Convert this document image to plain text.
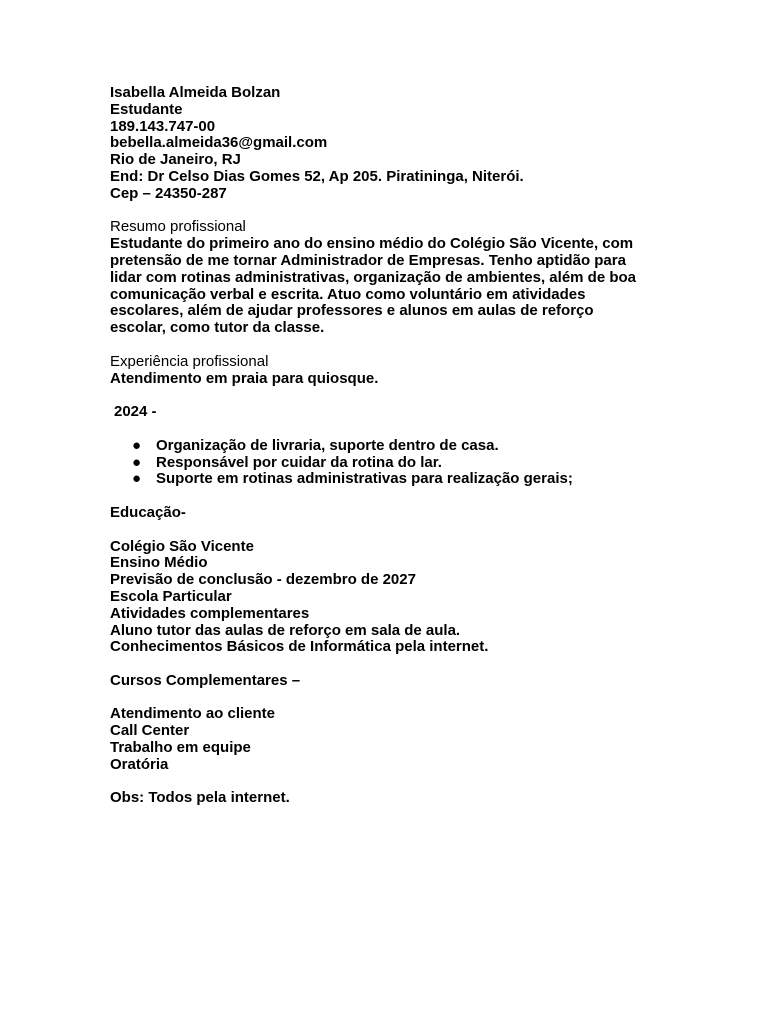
Isabella Almeida Bolzan
Estudante
189.143.747-00
bebella.almeida36@gmail.com
Rio de Janeiro, RJ
End: Dr Celso Dias Gomes 52, Ap 205. Piratininga, Niterói.
Cep – 24350-287
Resumo profissional
Estudante do primeiro ano do ensino médio do Colégio São Vicente, com
pretensão de me tornar Administrador de Empresas. Tenho aptidão para
lidar com rotinas administrativas, organização de ambientes, além de boa
comunicação verbal e escrita. Atuo como voluntário em atividades
escolares, além de ajudar professores e alunos em aulas de reforço
escolar, como tutor da classe.
Experiência profissional
Atendimento em praia para quiosque.
2024 -
● Organização de livraria, suporte dentro de casa.
● Responsável por cuidar da rotina do lar.
● Suporte em rotinas administrativas para realização gerais;
Educação-
Colégio São Vicente
Ensino Médio
Previsão de conclusão - dezembro de 2027
Escola Particular
Atividades complementares
Aluno tutor das aulas de reforço em sala de aula.
Conhecimentos Básicos de Informática pela internet.
Cursos Complementares –
Atendimento ao cliente
Call Center
Trabalho em equipe
Oratória
Obs: Todos pela internet.
